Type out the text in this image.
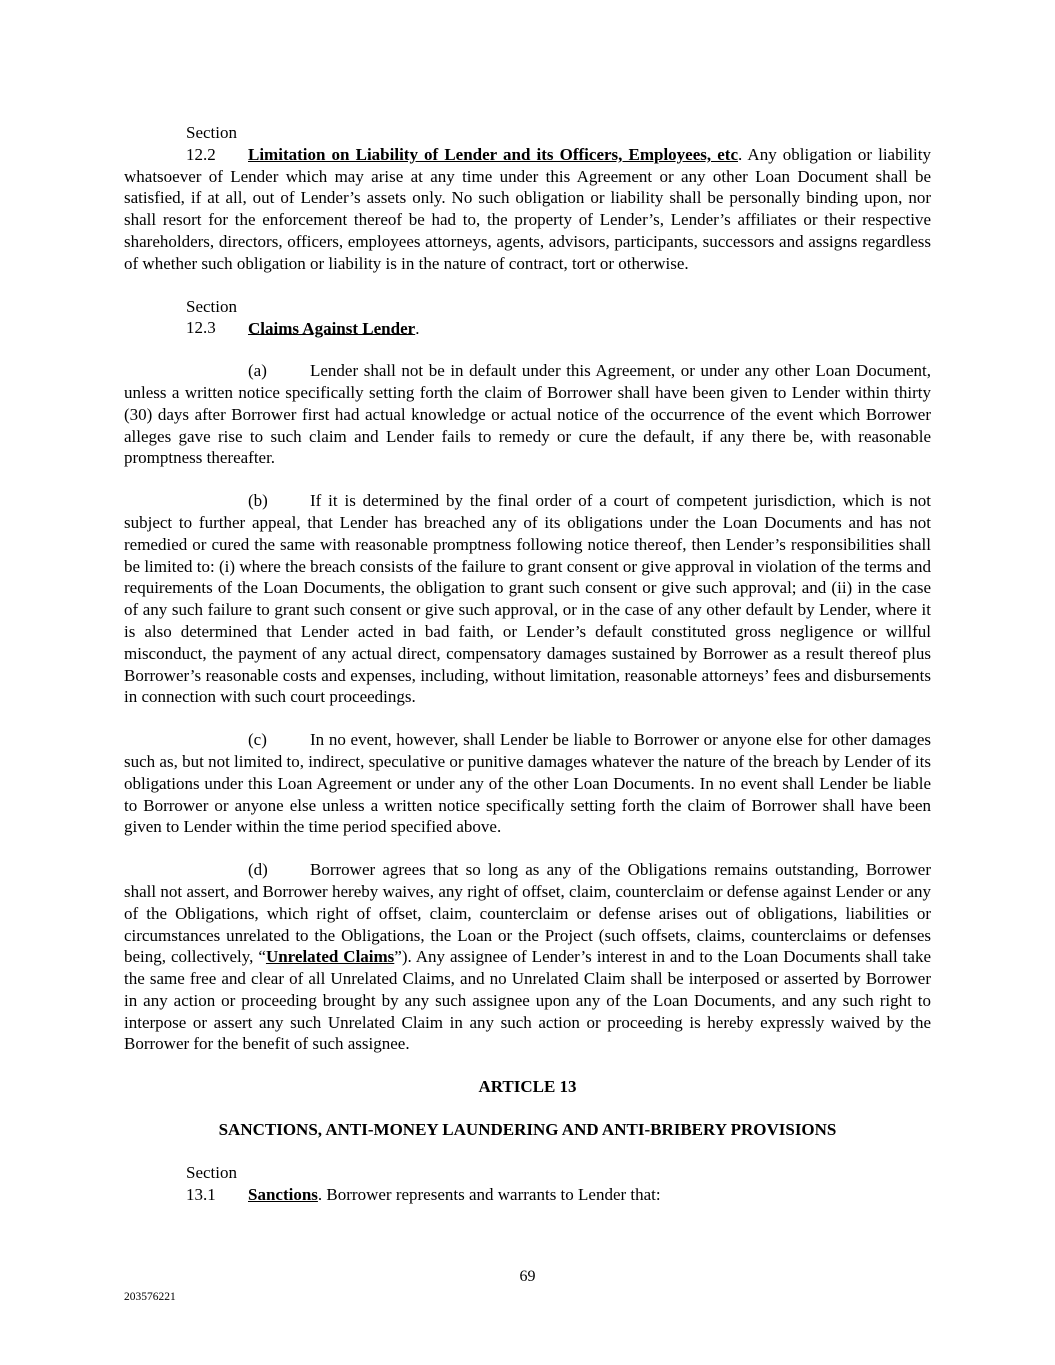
Section 12.2 Limitation on Liability of Lender and its Officers, Employees, etc. Any obligation or liability whatsoever of Lender which may arise at any time under this Agreement or any other Loan Document shall be satisfied, if at all, out of Lender’s assets only. No such obligation or liability shall be personally binding upon, nor shall resort for the enforcement thereof be had to, the property of Lender’s, Lender’s affiliates or their respective shareholders, directors, officers, employees attorneys, agents, advisors, participants, successors and assigns regardless of whether such obligation or liability is in the nature of contract, tort or otherwise.

Section 12.3 Claims Against Lender.

(a)	Lender shall not be in default under this Agreement, or under any other Loan Document, unless a written notice specifically setting forth the claim of Borrower shall have been given to Lender within thirty (30) days after Borrower first had actual knowledge or actual notice of the occurrence of the event which Borrower alleges gave rise to such claim and Lender fails to remedy or cure the default, if any there be, with reasonable promptness thereafter.

(b) If it is determined by the final order of a court of competent jurisdiction, which is not subject to further appeal, that Lender has breached any of its obligations under the Loan Documents and has not remedied or cured the same with reasonable promptness following notice thereof, then Lender’s responsibilities shall be limited to: (i) where the breach consists of the failure to grant consent or give approval in violation of the terms and requirements of the Loan Documents, the obligation to grant such consent or give such approval; and (ii) in the case of any such failure to grant such consent or give such approval, or in the case of any other default by Lender, where it is also determined that Lender acted in bad faith, or Lender’s default constituted gross negligence or willful misconduct, the payment of any actual direct, compensatory damages sustained by Borrower as a result thereof plus Borrower’s reasonable costs and expenses, including, without limitation, reasonable attorneys’ fees and disbursements in connection with such court proceedings.

(c)	In no event, however, shall Lender be liable to Borrower or anyone else for other damages such as, but not limited to, indirect, speculative or punitive damages whatever the nature of the breach by Lender of its obligations under this Loan Agreement or under any of the other Loan Documents. In no event shall Lender be liable to Borrower or anyone else unless a written notice specifically setting forth the claim of Borrower shall have been given to Lender within the time period specified above.

(d) Borrower agrees that so long as any of the Obligations remains outstanding, Borrower shall not assert, and Borrower hereby waives, any right of offset, claim, counterclaim or defense against Lender or any of the Obligations, which right of offset, claim, counterclaim or defense arises out of obligations, liabilities or circumstances unrelated to the Obligations, the Loan or the Project (such offsets, claims, counterclaims or defenses being, collectively, “Unrelated Claims”). Any assignee of Lender’s interest in and to the Loan Documents shall take the same free and clear of all Unrelated Claims, and no Unrelated Claim shall be interposed or asserted by Borrower in any action or proceeding brought by any such assignee upon any of the Loan Documents, and any such right to interpose or assert any such Unrelated Claim in any such action or proceeding is hereby expressly waived by the Borrower for the benefit of such assignee.

ARTICLE 13

SANCTIONS, ANTI-MONEY LAUNDERING AND ANTI-BRIBERY PROVISIONS

Section 13.1 Sanctions. Borrower represents and warrants to Lender that:

69
203576221
